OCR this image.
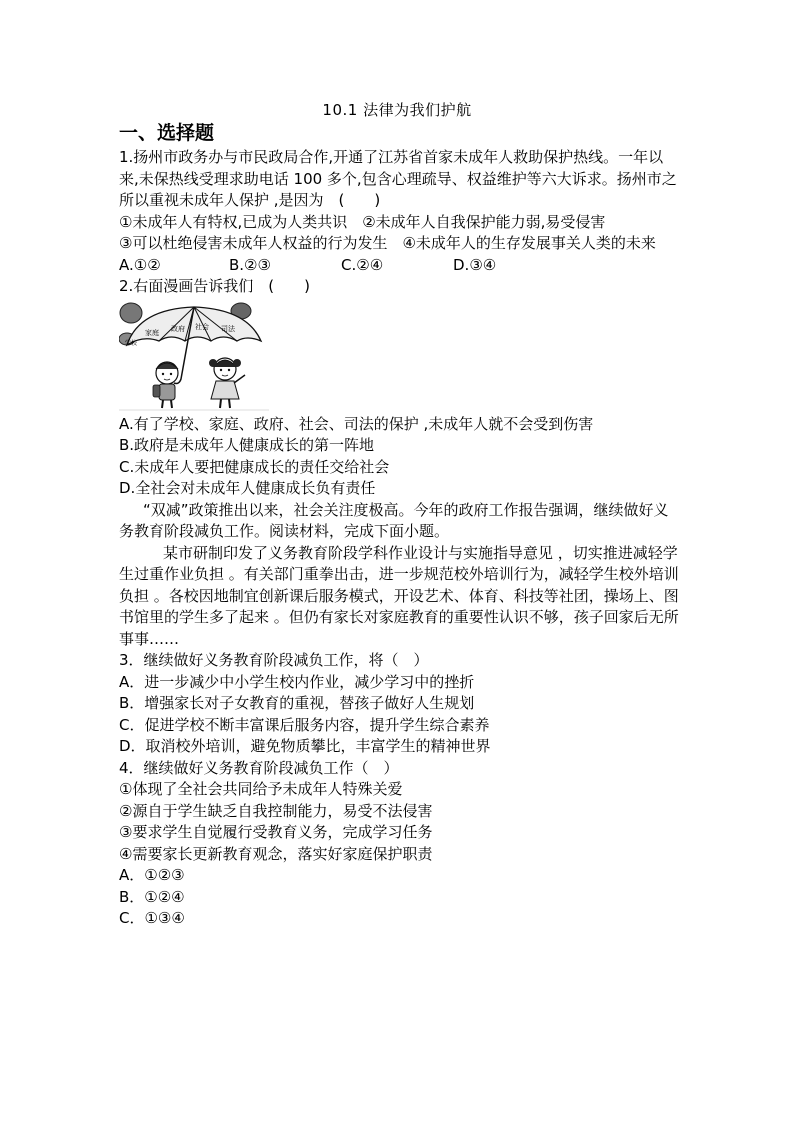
10.1 法律为我们护航
一、选择题

1.扬州市政务办与市民政局合作,开通了江苏省首家未成年人救助保护热线。一年以来,未保热线受理求助电话 100 多个,包含心理疏导、权益维护等六大诉求。扬州市之所以重视未成年人保护 ,是因为　(　　)

①未成年人有特权,已成为人类共识　②未成年人自我保护能力弱,易受侵害

③可以杜绝侵害未成年人权益的行为发生　④未成年人的生存发展事关人类的未来

A.①②	B.②③	C.②④	D.③④

2.右面漫画告诉我们　(　　)

家庭 政府 社会 司法
学校

A.有了学校、家庭、政府、社会、司法的保护 ,未成年人就不会受到伤害

B.政府是未成年人健康成长的第一阵地

C.未成年人要把健康成长的责任交给社会

D.全社会对未成年人健康成长负有责任

“双减”政策推出以来，社会关注度极高。今年的政府工作报告强调，继续做好义务教育阶段减负工作。阅读材料，完成下面小题。

某市研制印发了义务教育阶段学科作业设计与实施指导意见 ，切实推进减轻学生过重作业负担 。有关部门重拳出击，进一步规范校外培训行为，减轻学生校外培训负担 。各校因地制宜创新课后服务模式，开设艺术、体育、科技等社团，操场上、图书馆里的学生多了起来 。但仍有家长对家庭教育的重要性认识不够，孩子回家后无所事事……

3．继续做好义务教育阶段减负工作，将（　）

A．进一步减少中小学生校内作业，减少学习中的挫折

B．增强家长对子女教育的重视，替孩子做好人生规划

C．促进学校不断丰富课后服务内容，提升学生综合素养

D．取消校外培训，避免物质攀比，丰富学生的精神世界

4．继续做好义务教育阶段减负工作（　）

①体现了全社会共同给予未成年人特殊关爱

②源自于学生缺乏自我控制能力，易受不法侵害

③要求学生自觉履行受教育义务，完成学习任务

④需要家长更新教育观念，落实好家庭保护职责

A．①②③

B．①②④

C．①③④
